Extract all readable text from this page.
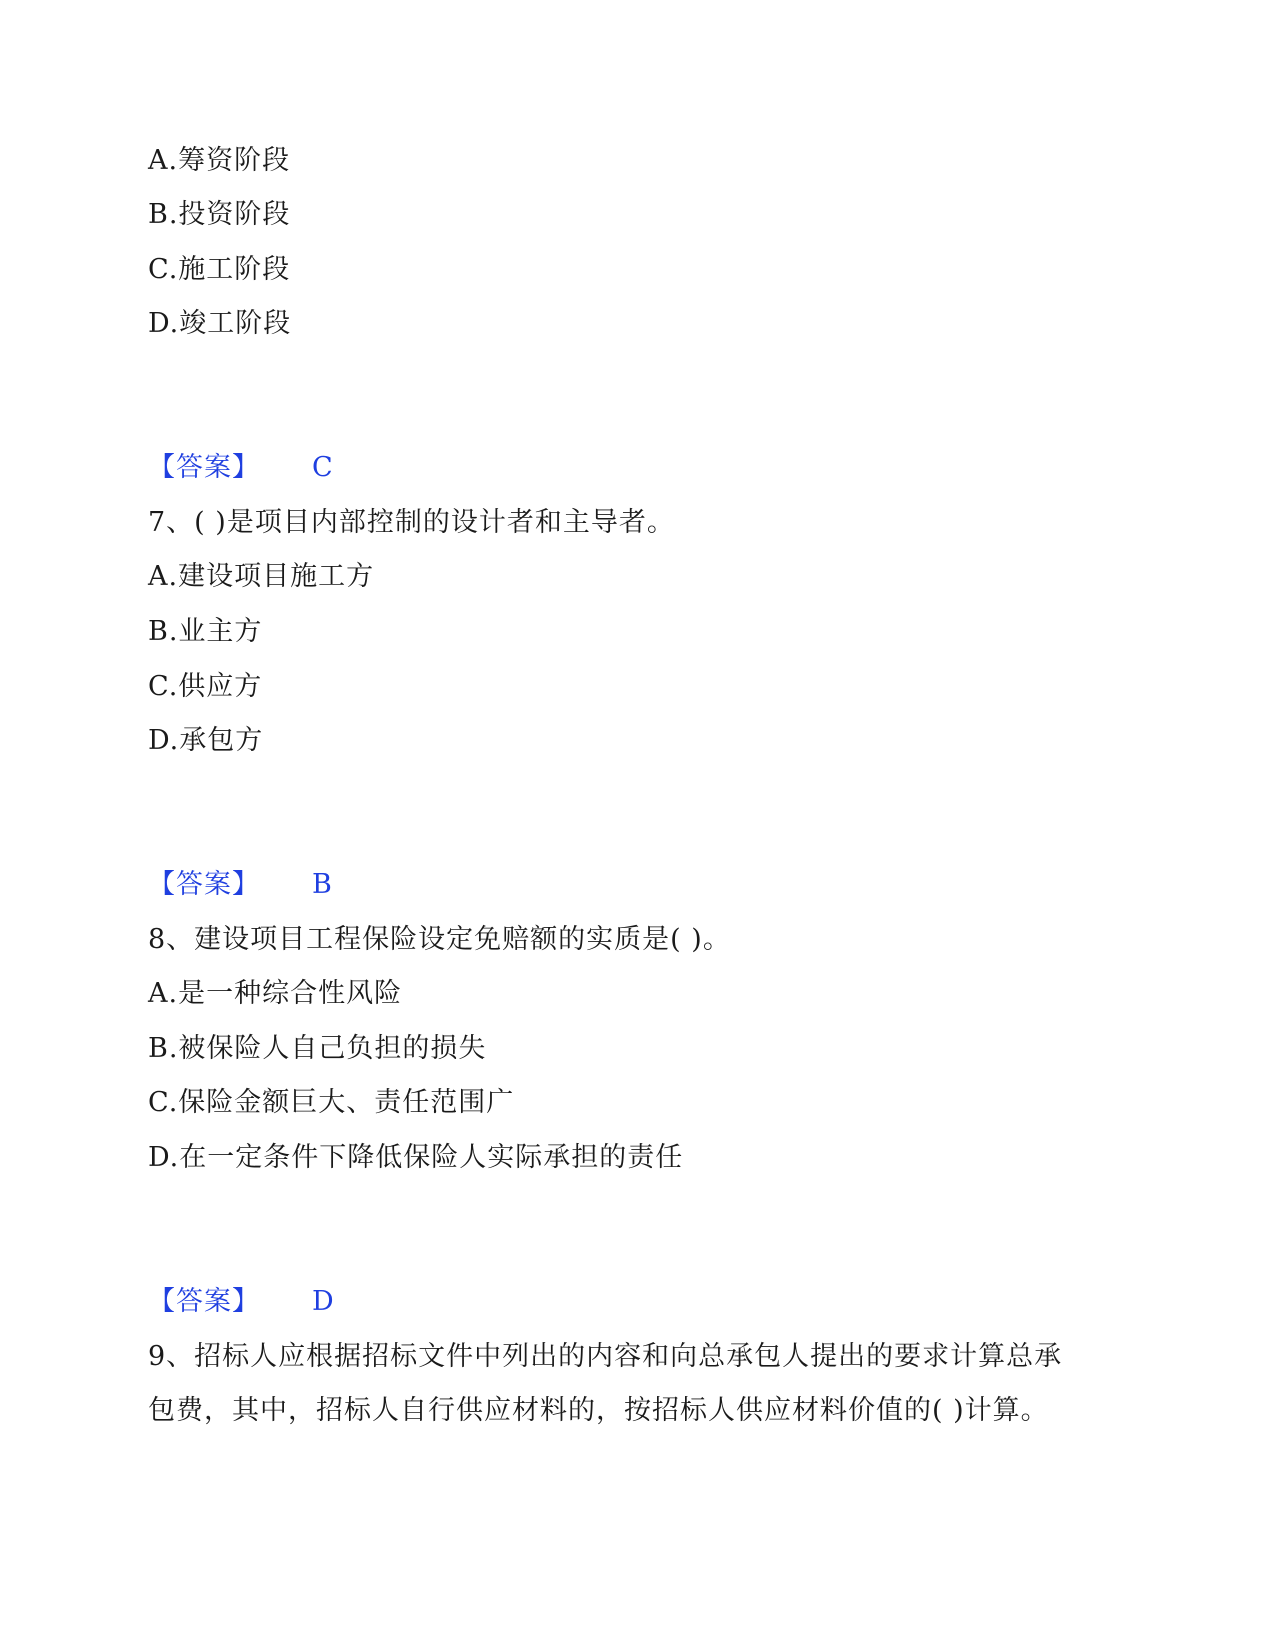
A.筹资阶段
B.投资阶段
C.施工阶段
D.竣工阶段
【答案】 C
7、( )是项目内部控制的设计者和主导者。
A.建设项目施工方
B.业主方
C.供应方
D.承包方
【答案】 B
8、建设项目工程保险设定免赔额的实质是( )。
A.是一种综合性风险
B.被保险人自己负担的损失
C.保险金额巨大、责任范围广
D.在一定条件下降低保险人实际承担的责任
【答案】 D
9、招标人应根据招标文件中列出的内容和向总承包人提出的要求计算总承
包费，其中，招标人自行供应材料的，按招标人供应材料价值的( )计算。
